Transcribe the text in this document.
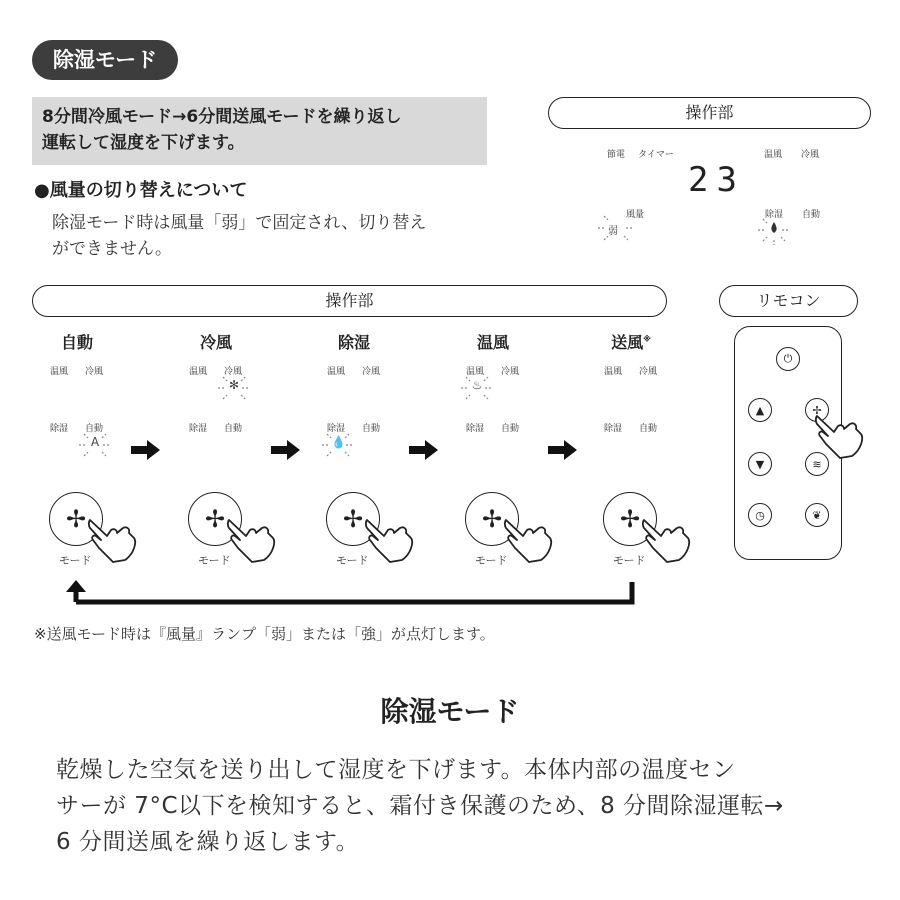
除湿モード
8分間冷風モード→6分間送風モードを繰り返し
運転して湿度を下げます。
●風量の切り替えについて
除湿モード時は風量「弱」で固定され、切り替え
ができません。
操作部
節電 タイマー	温風 冷風
23
風量
弱
除湿 自動
操作部	リモコン
自動
温風 冷風
除湿 自動
✢
モード
冷風
温風 冷風
除湿 自動
✢
モード
除湿
温風 冷風
除湿 自動
✢
モード
温風
温風 冷風
除湿 自動
✢
モード
送風※
温風 冷風
除湿 自動
✢
モード
A
✻
💧
♨
⏻
▲	✢
▼	≋
◷	❦
※送風モード時は『風量』ランプ「弱」または「強」が点灯します。
除湿モード
乾燥した空気を送り出して湿度を下げます。本体内部の温度セン
サーが 7°C以下を検知すると、霜付き保護のため、8 分間除湿運転→
6 分間送風を繰り返します。
